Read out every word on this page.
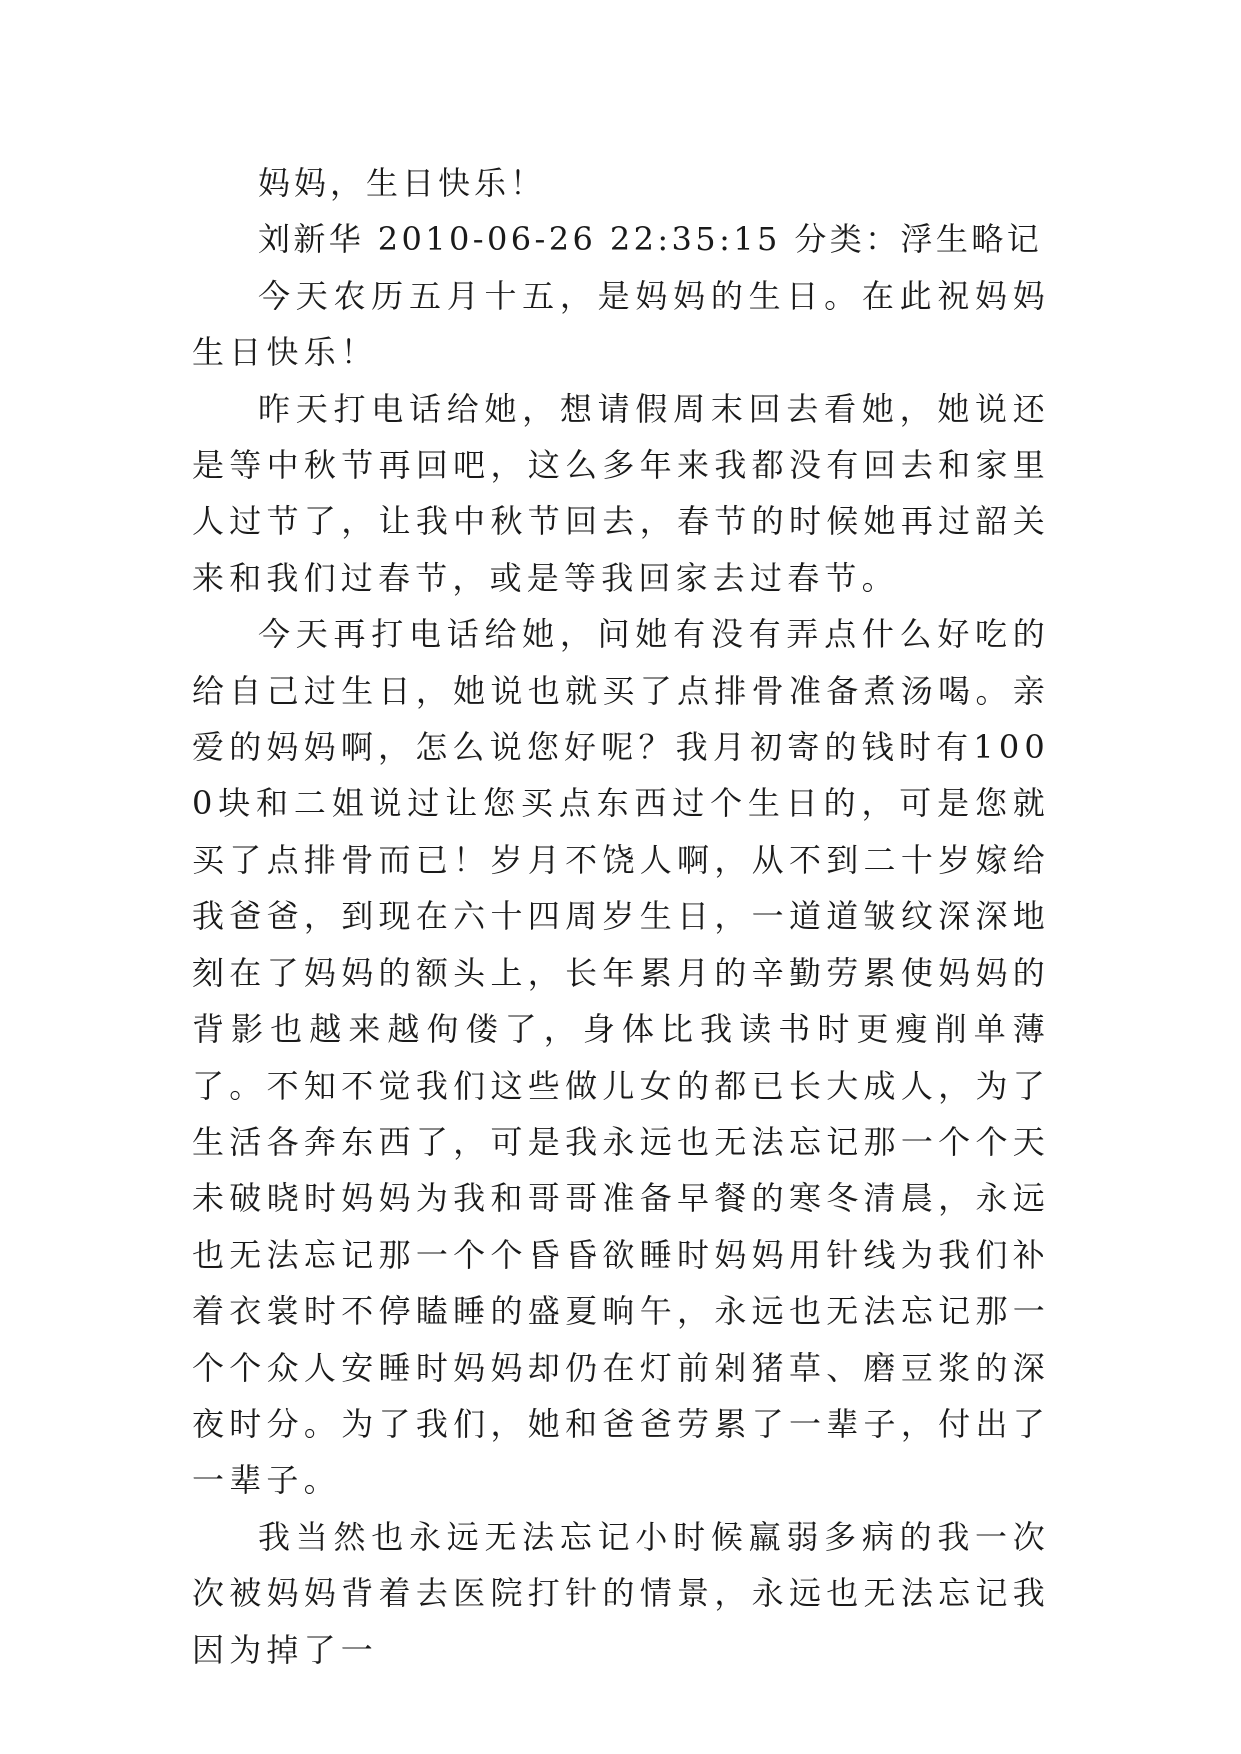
妈妈，生日快乐！

刘新华 2010-06-26 22:35:15 分类：浮生略记

今天农历五月十五，是妈妈的生日。在此祝妈妈生日快乐！

昨天打电话给她，想请假周末回去看她，她说还是等中秋节再回吧，这么多年来我都没有回去和家里人过节了，让我中秋节回去，春节的时候她再过韶关来和我们过春节，或是等我回家去过春节。

今天再打电话给她，问她有没有弄点什么好吃的给自己过生日，她说也就买了点排骨准备煮汤喝。亲爱的妈妈啊，怎么说您好呢？我月初寄的钱时有1000块和二姐说过让您买点东西过个生日的，可是您就买了点排骨而已！岁月不饶人啊，从不到二十岁嫁给我爸爸，到现在六十四周岁生日，一道道皱纹深深地刻在了妈妈的额头上，长年累月的辛勤劳累使妈妈的背影也越来越佝偻了，身体比我读书时更瘦削单薄了。不知不觉我们这些做儿女的都已长大成人，为了生活各奔东西了，可是我永远也无法忘记那一个个天未破晓时妈妈为我和哥哥准备早餐的寒冬清晨，永远也无法忘记那一个个昏昏欲睡时妈妈用针线为我们补着衣裳时不停瞌睡的盛夏晌午，永远也无法忘记那一个个众人安睡时妈妈却仍在灯前剁猪草、磨豆浆的深夜时分。为了我们，她和爸爸劳累了一辈子，付出了一辈子。

我当然也永远无法忘记小时候羸弱多病的我一次次被妈妈背着去医院打针的情景，永远也无法忘记我因为掉了一
